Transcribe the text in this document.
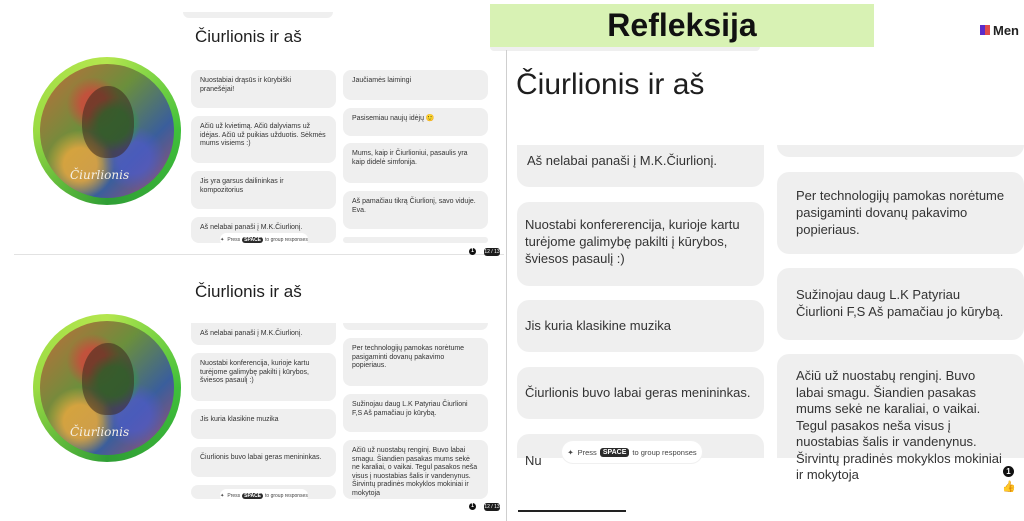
Refleksija	Men
Čiurlionis
Čiurlionis
Čiurlionis ir aš
Nuostabiai drąsūs ir kūrybiški pranešėjai!
Ačiū už kvietimą. Ačiū dalyviams už idėjas. Ačiū už puikias užduotis. Sėkmės mums visiems :)
Jis yra garsus dailininkas ir kompozitorius
Aš nelabai panaši į M.K.Čiurlionį.
Jaučiamės laimingi
Pasisemiau naujų idėjų 🙂
Mums, kaip ir Čiurlioniui, pasaulis yra kaip didelė simfonija.
Aš pamačiau tikrą Čiurlionį, savo viduje. Eva.
✦ Press SPACE to group responses
1	12 / 13
Čiurlionis ir aš
Aš nelabai panaši į M.K.Čiurlionį.
Nuostabi konferencija, kurioje kartu turėjome galimybę pakilti į kūrybos, šviesos pasaulį :)
Jis kuria klasikine muzika
Čiurlionis buvo labai geras menininkas.
Per technologijų pamokas norėtume pasigaminti dovanų pakavimo popieriaus.
Sužinojau daug L.K Patyriau Čiurlioni F,S Aš pamačiau jo kūrybą.
Ačiū už nuostabų renginį. Buvo labai smagu. Šiandien pasakas mums sekė ne karaliai, o vaikai. Tegul pasakos neša visus į nuostabias šalis ir vandenynus. Širvintų pradinės mokyklos mokiniai ir mokytoja
✦ Press SPACE to group responses
1	12 / 13
Čiurlionis ir aš
Aš nelabai panaši į M.K.Čiurlionį.
Nuostabi konfererencija, kurioje kartu turėjome galimybę pakilti į kūrybos, šviesos pasaulį :)
Jis kuria klasikine muzika
Čiurlionis buvo labai geras menininkas.
Nu
Per technologijų pamokas norėtume pasigaminti dovanų pakavimo popieriaus.
Sužinojau daug L.K Patyriau Čiurlioni F,S Aš pamačiau jo kūrybą.
Ačiū už nuostabų renginį. Buvo labai smagu. Šiandien pasakas mums sekė ne karaliai, o vaikai. Tegul pasakos neša visus į nuostabias šalis ir vandenynus. Širvintų pradinės mokyklos mokiniai ir mokytoja
✦ Press SPACE to group responses
1
👍
